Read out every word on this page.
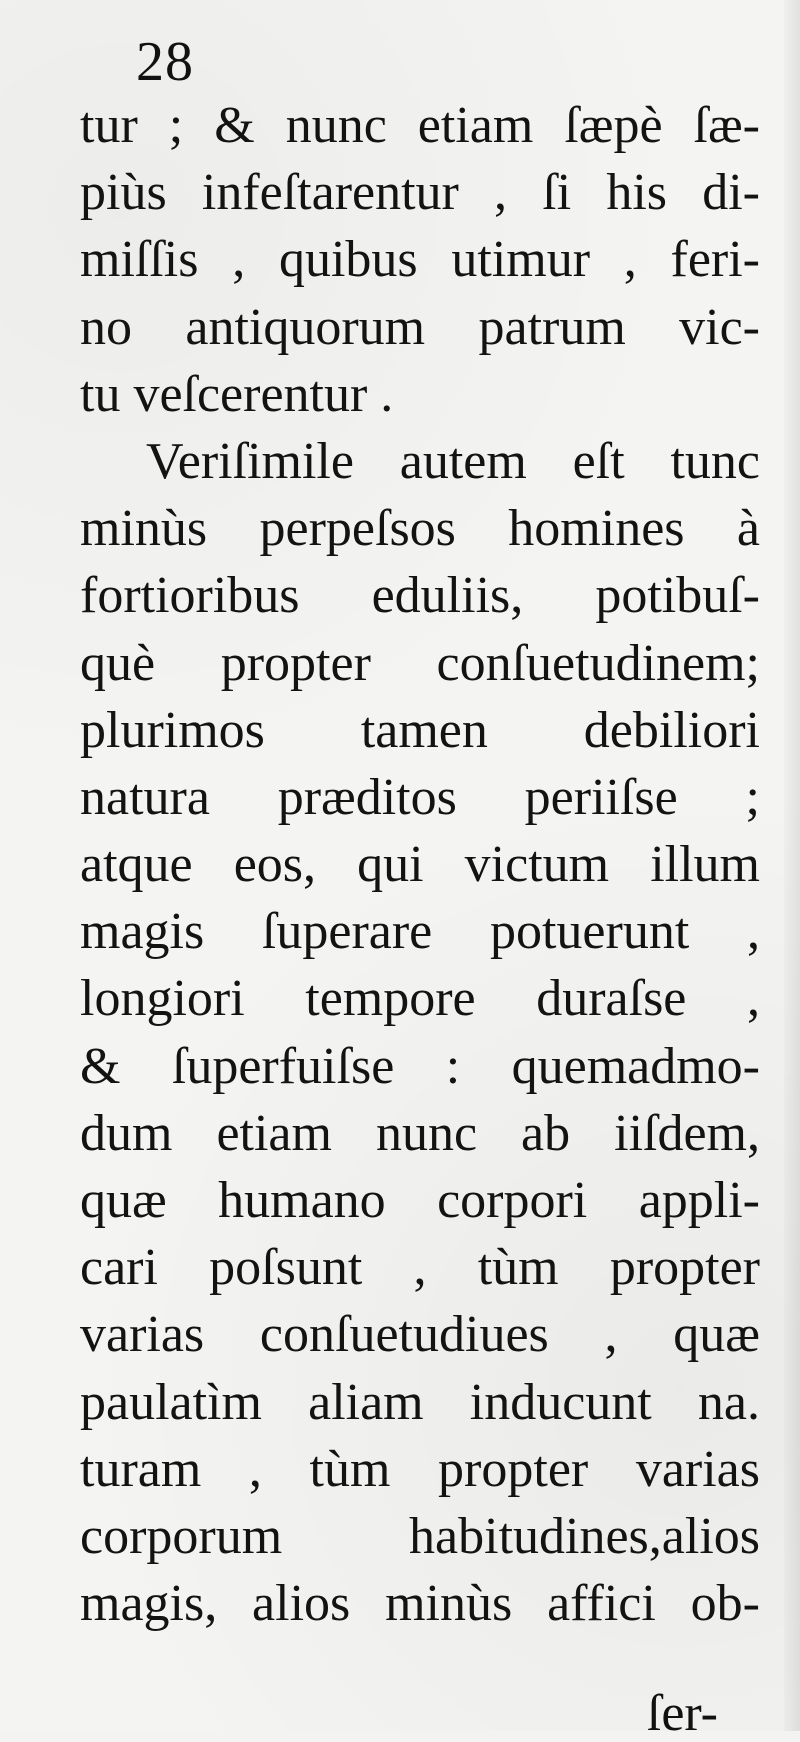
28
tur ; & nunc etiam ſæpè ſæ-
piùs infeſtarentur , ſi his di-
miſſis , quibus utimur , feri-
no antiquorum patrum vic-
tu veſcerentur .
Veriſimile autem eſt tunc
minùs perpeſsos homines à
fortioribus eduliis, potibuſ-
què propter conſuetudinem;
plurimos tamen debiliori
natura præditos periiſse ;
atque eos, qui victum illum
magis ſuperare potuerunt ,
longiori tempore duraſse ,
& ſuperfuiſse : quemadmo-
dum etiam nunc ab iiſdem,
quæ humano corpori appli-
cari poſsunt , tùm propter
varias conſuetudiues , quæ
paulatìm aliam inducunt na.
turam , tùm propter varias
corporum habitudines,alios
magis, alios minùs affici ob-
ſer-
